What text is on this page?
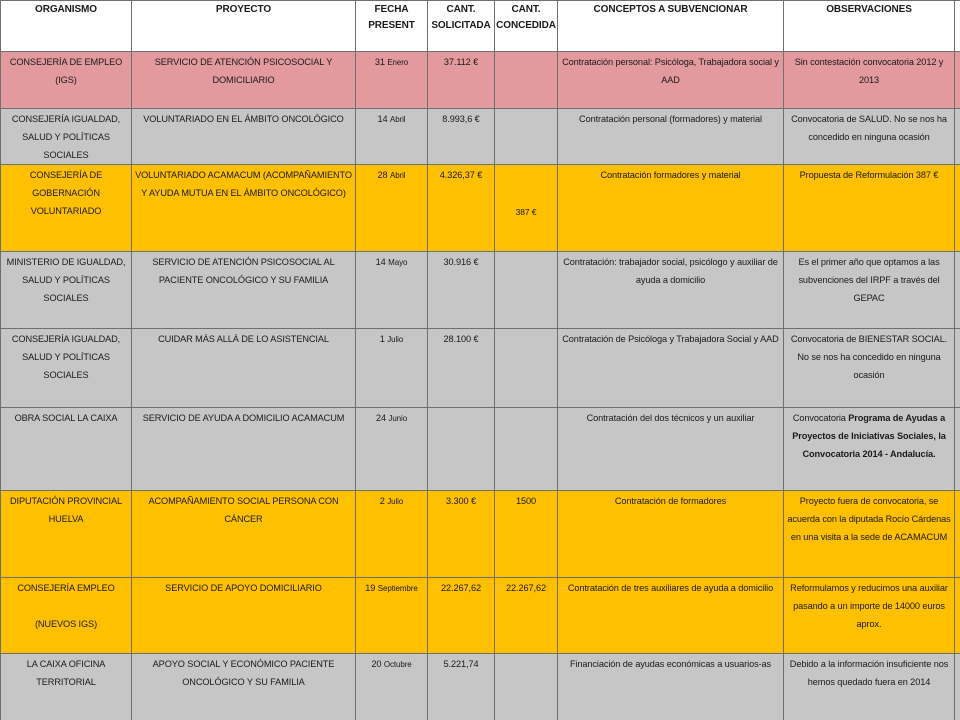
ORGANISMO	PROYECTO	FECHA PRESENT	CANT. SOLICITADA	CANT. CONCEDIDA	CONCEPTOS A SUBVENCIONAR	OBSERVACIONES	
CONSEJERÍA DE EMPLEO (IGS)	SERVICIO DE ATENCIÓN PSICOSOCIAL Y DOMICILIARIO	31 Enero	37.112 €		Contratación personal: Psicóloga, Trabajadora social y AAD	Sin contestación convocatoria 2012 y 2013	
CONSEJERÍA IGUALDAD, SALUD Y POLÍTICAS SOCIALES	VOLUNTARIADO EN EL ÁMBITO ONCOLÓGICO	14 Abril	8.993,6 €		Contratación personal (formadores) y material	Convocatoria de SALUD. No se nos ha concedido en ninguna ocasión	
CONSEJERÍA DE GOBERNACIÓN VOLUNTARIADO	VOLUNTARIADO ACAMACUM (ACOMPAÑAMIENTO Y AYUDA MUTUA EN EL ÁMBITO ONCOLÓGICO)	28 Abril	4.326,37 €	387 €	Contratación formadores y material	Propuesta de Reformulación 387 €	
MINISTERIO DE IGUALDAD, SALUD Y POLÍTICAS SOCIALES	SERVICIO DE ATENCIÓN PSICOSOCIAL AL PACIENTE ONCOLÓGICO Y SU FAMILIA	14 Mayo	30.916 €		Contratación: trabajador social, psicólogo y auxiliar de ayuda a domicilio	Es el primer año que optamos a las subvenciones del IRPF a través del GEPAC	
CONSEJERÍA IGUALDAD, SALUD Y POLÍTICAS SOCIALES	CUIDAR MÁS ALLÁ DE LO ASISTENCIAL	1 Julio	28.100 €		Contratación de Psicóloga y Trabajadora Social y AAD	Convocatoria de BIENESTAR SOCIAL. No se nos ha concedido en ninguna ocasión	
OBRA SOCIAL LA CAIXA	SERVICIO DE AYUDA A DOMICILIO ACAMACUM	24 Junio			Contratación del dos técnicos y un auxiliar	Convocatoria Programa de Ayudas a Proyectos de Iniciativas Sociales, la Convocatoria 2014 - Andalucía.	
DIPUTACIÓN PROVINCIAL HUELVA	ACOMPAÑAMIENTO SOCIAL PERSONA CON CÁNCER	2 Julio	3.300 €	1500	Contratación de formadores	Proyecto fuera de convocatoria, se acuerda con la diputada Rocío Cárdenas en una visita a la sede de ACAMACUM	

CONSEJERÍA EMPLEO

(NUEVOS IGS)	SERVICIO DE APOYO DOMICILIARIO	19 Septiembre	22.267,62	22.267,62	Contratación de tres auxiliares de ayuda a domicilio	Reformulamos y reducimos una auxiliar pasando a un importe de 14000 euros aprox.	
LA CAIXA OFICINA TERRITORIAL	APOYO SOCIAL Y ECONÓMICO PACIENTE ONCOLÓGICO Y SU FAMILIA	20 Octubre	5.221,74		Financiación de ayudas económicas a usuarios-as	Debido a la información insuficiente nos hemos quedado fuera en 2014	
